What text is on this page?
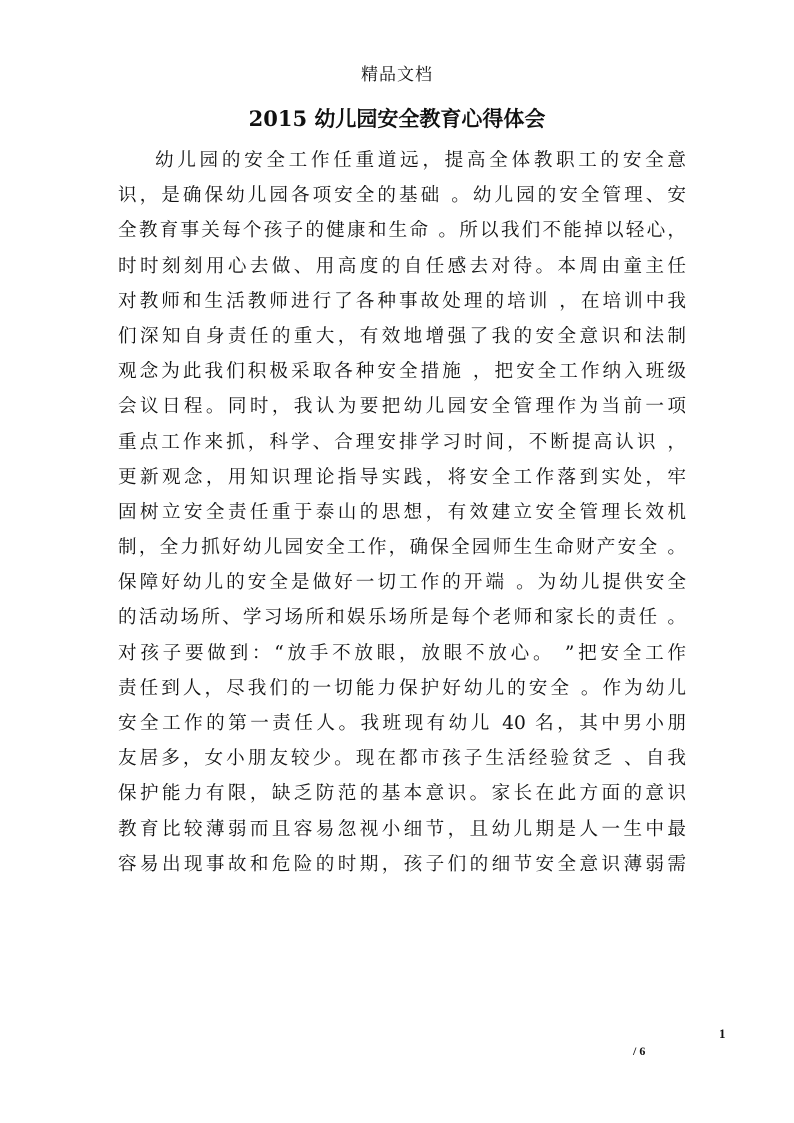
精品文档
2015 幼儿园安全教育心得体会
幼儿园的安全工作任重道远，提高全体教职工的安全意
识，是确保幼儿园各项安全的基础 。幼儿园的安全管理、安
全教育事关每个孩子的健康和生命 。所以我们不能掉以轻心，
时时刻刻用心去做、用高度的自任感去对待。本周由童主任
对教师和生活教师进行了各种事故处理的培训 ，在培训中我
们深知自身责任的重大，有效地增强了我的安全意识和法制
观念为此我们积极采取各种安全措施 ，把安全工作纳入班级
会议日程。同时，我认为要把幼儿园安全管理作为当前一项
重点工作来抓，科学、合理安排学习时间，不断提高认识 ，
更新观念，用知识理论指导实践，将安全工作落到实处，牢
固树立安全责任重于泰山的思想，有效建立安全管理长效机
制，全力抓好幼儿园安全工作，确保全园师生生命财产安全 。
保障好幼儿的安全是做好一切工作的开端 。为幼儿提供安全
的活动场所、学习场所和娱乐场所是每个老师和家长的责任 。
对孩子要做到：“放手不放眼，放眼不放心。 ”把安全工作
责任到人，尽我们的一切能力保护好幼儿的安全 。作为幼儿
安全工作的第一责任人。我班现有幼儿 40 名，其中男小朋
友居多，女小朋友较少。现在都市孩子生活经验贫乏 、自我
保护能力有限，缺乏防范的基本意识。家长在此方面的意识
教育比较薄弱而且容易忽视小细节，且幼儿期是人一生中最
容易出现事故和危险的时期，孩子们的细节安全意识薄弱需
1
/ 6
